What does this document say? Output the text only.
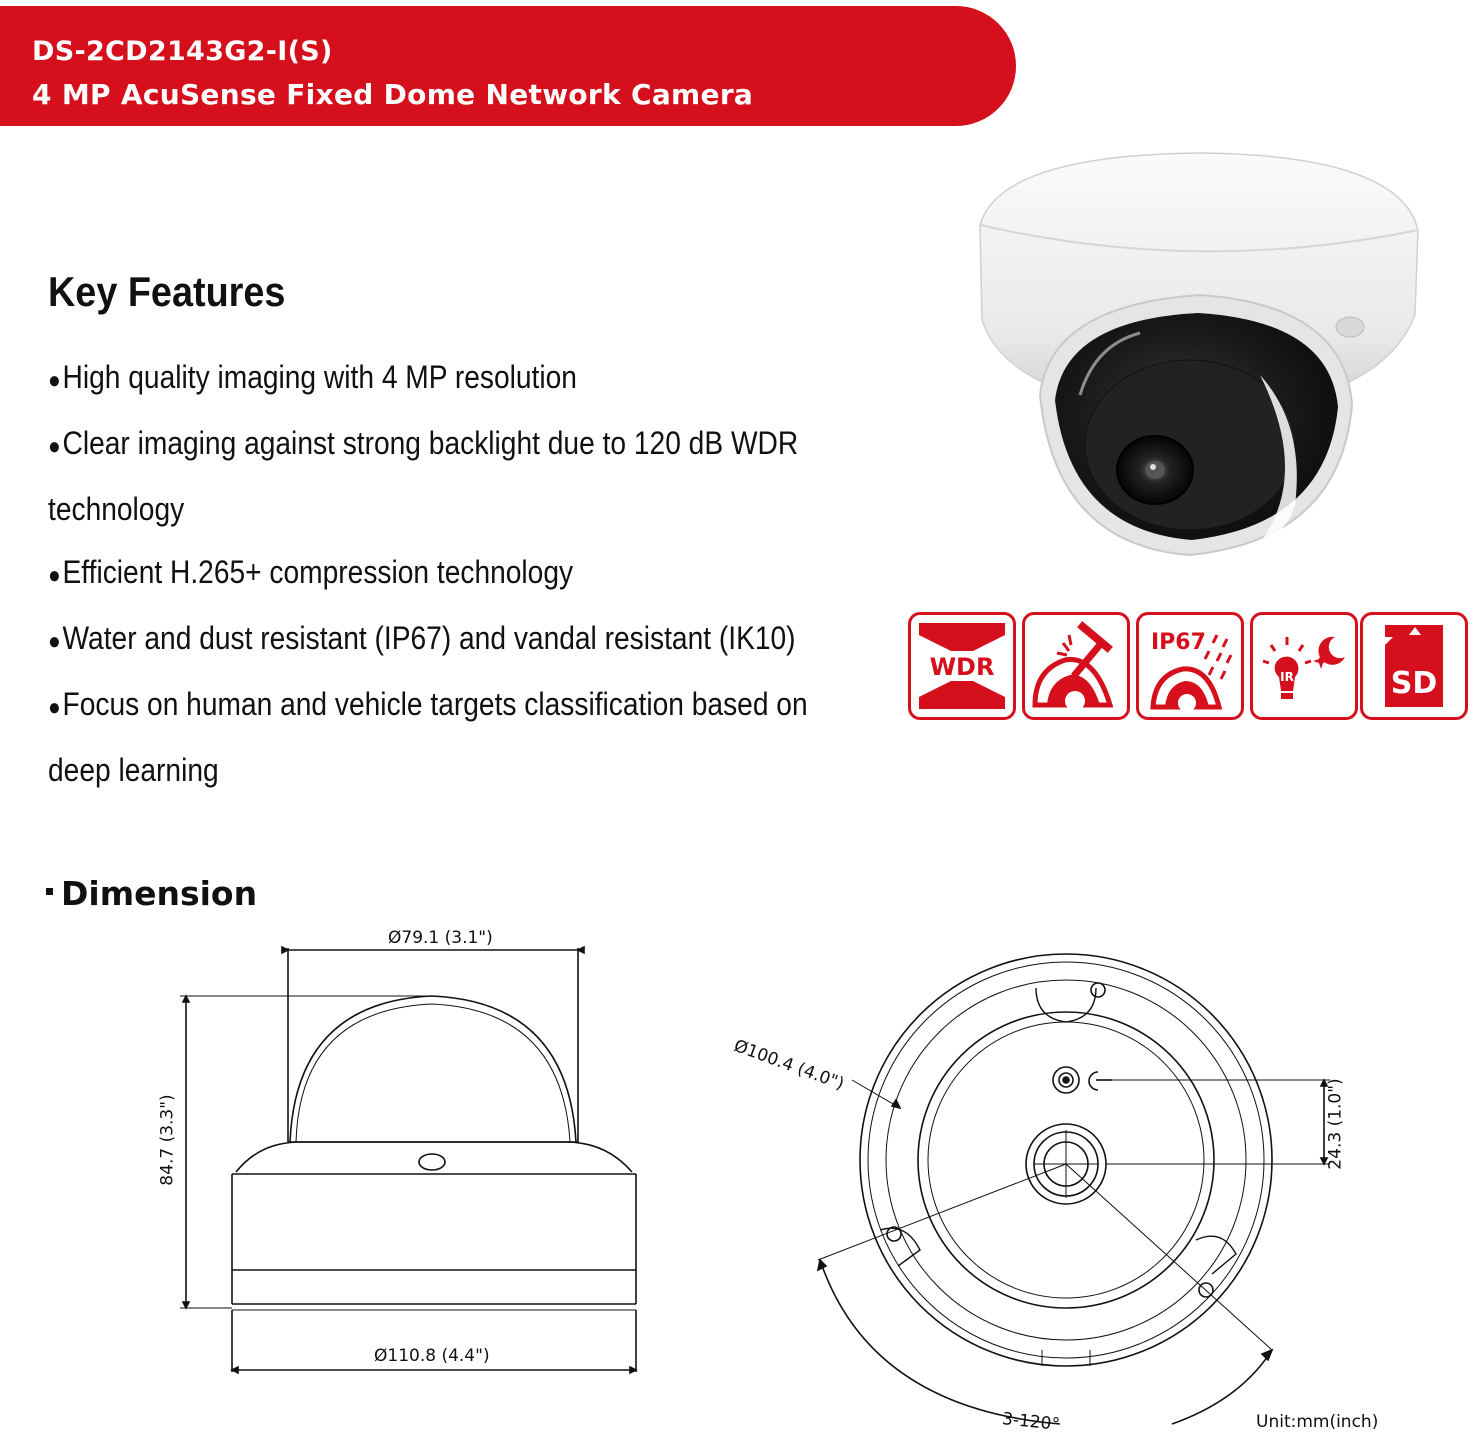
DS-2CD2143G2-I(S)
4 MP AcuSense Fixed Dome Network Camera
Key Features
●High quality imaging with 4 MP resolution
●Clear imaging against strong backlight due to 120 dB WDR
technology
●Efficient H.265+ compression technology
●Water and dust resistant (IP67) and vandal resistant (IK10)
●Focus on human and vehicle targets classification based on
deep learning
WDR
IP67
IR	SD
Dimension
Ø79.1 (3.1")
84.7 (3.3")
Ø110.8 (4.4")
Ø100.4 (4.0")
24.3 (1.0")
3-120°	Unit:mm(inch)
